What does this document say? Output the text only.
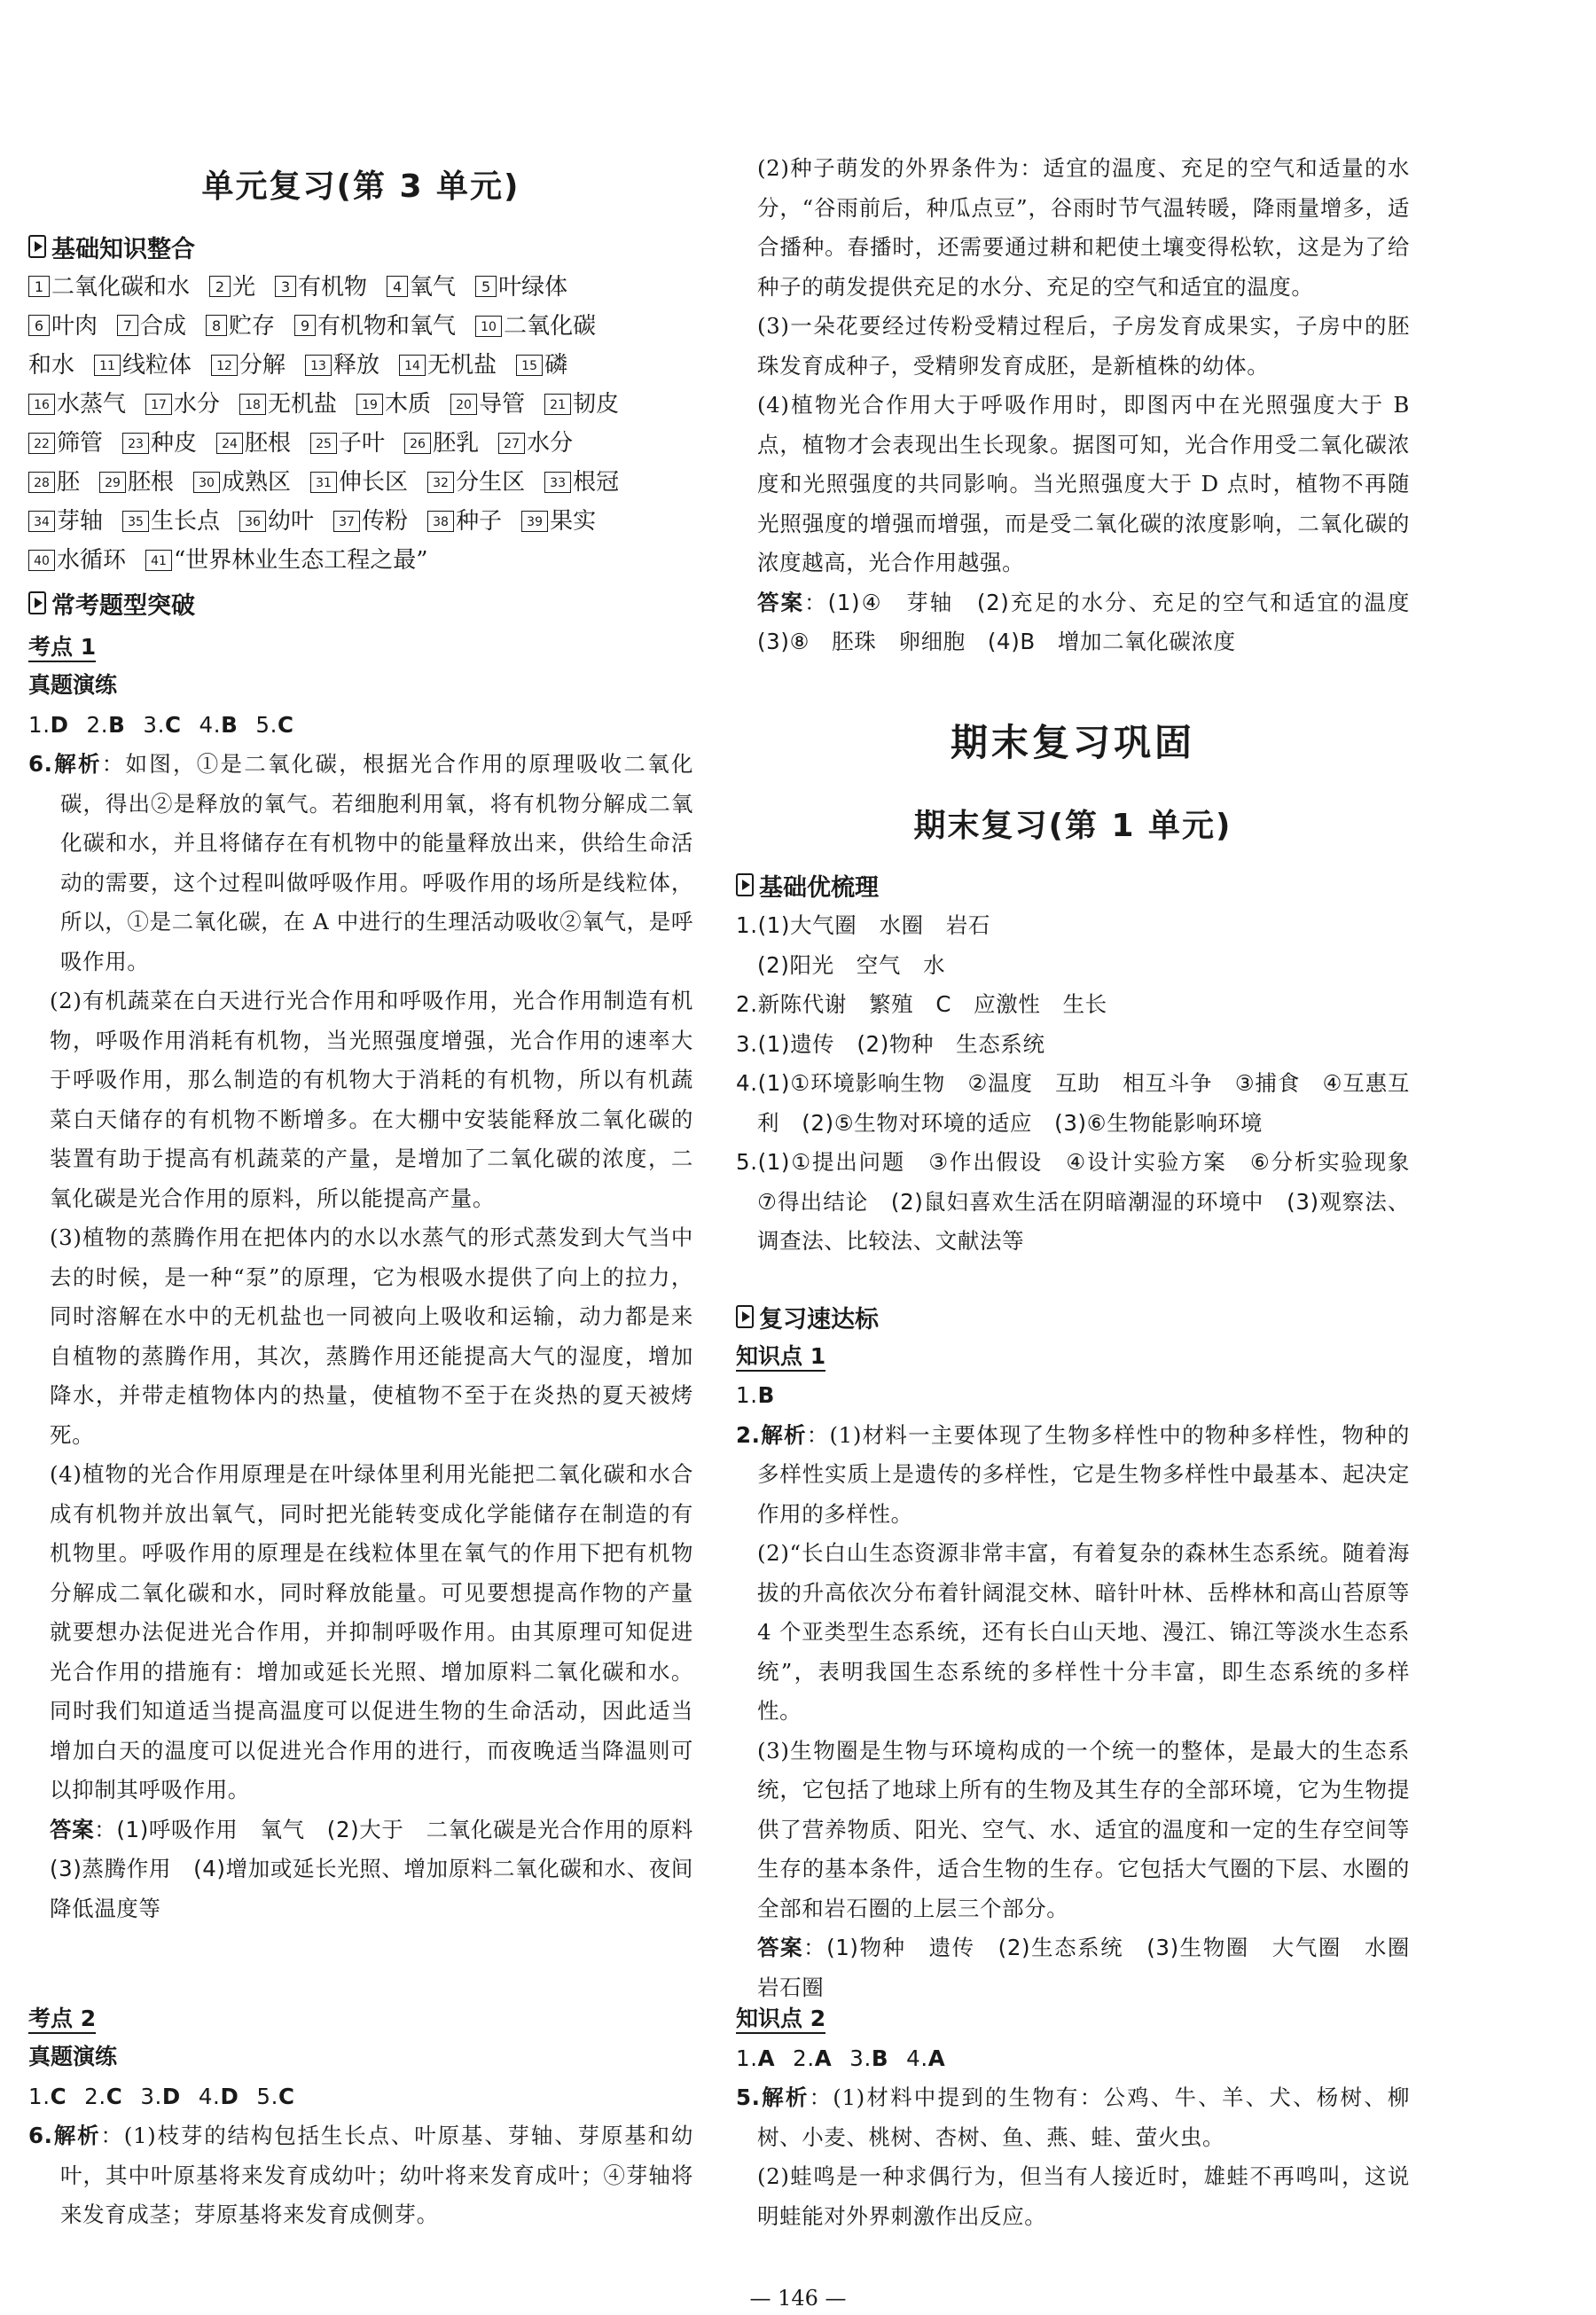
单元复习(第 3 单元)
基础知识整合
1 二氧化碳和水 2 光 3 有机物 4 氧气 5 叶绿体
6 叶肉 7 合成 8 贮存 9 有机物和氧气 10 二氧化碳
和水 11 线粒体 12 分解 13 释放 14 无机盐 15 磷
16 水蒸气 17 水分 18 无机盐 19 木质 20 导管 21 韧皮
22 筛管 23 种皮 24 胚根 25 子叶 26 胚乳 27 水分
28 胚 29 胚根 30 成熟区 31 伸长区 32 分生区 33 根冠
34 芽轴 35 生长点 36 幼叶 37 传粉 38 种子 39 果实
40 水循环 41 “世界林业生态工程之最”
常考题型突破
考点 1
真题演练
1.D 2.B 3.C 4.B 5.C
6.解析：如图，①是二氧化碳，根据光合作用的原理吸收二氧化碳，得出②是释放的氧气。若细胞利用氧，将有机物分解成二氧化碳和水，并且将储存在有机物中的能量释放出来，供给生命活动的需要，这个过程叫做呼吸作用。呼吸作用的场所是线粒体，所以，①是二氧化碳，在 A 中进行的生理活动吸收②氧气，是呼吸作用。
(2)有机蔬菜在白天进行光合作用和呼吸作用，光合作用制造有机物，呼吸作用消耗有机物，当光照强度增强，光合作用的速率大于呼吸作用，那么制造的有机物大于消耗的有机物，所以有机蔬菜白天储存的有机物不断增多。在大棚中安装能释放二氧化碳的装置有助于提高有机蔬菜的产量，是增加了二氧化碳的浓度，二氧化碳是光合作用的原料，所以能提高产量。
(3)植物的蒸腾作用在把体内的水以水蒸气的形式蒸发到大气当中去的时候，是一种“泵”的原理，它为根吸水提供了向上的拉力，同时溶解在水中的无机盐也一同被向上吸收和运输，动力都是来自植物的蒸腾作用，其次，蒸腾作用还能提高大气的湿度，增加降水，并带走植物体内的热量，使植物不至于在炎热的夏天被烤死。
(4)植物的光合作用原理是在叶绿体里利用光能把二氧化碳和水合成有机物并放出氧气，同时把光能转变成化学能储存在制造的有机物里。呼吸作用的原理是在线粒体里在氧气的作用下把有机物分解成二氧化碳和水，同时释放能量。可见要想提高作物的产量就要想办法促进光合作用，并抑制呼吸作用。由其原理可知促进光合作用的措施有：增加或延长光照、增加原料二氧化碳和水。同时我们知道适当提高温度可以促进生物的生命活动，因此适当增加白天的温度可以促进光合作用的进行，而夜晚适当降温则可以抑制其呼吸作用。
答案：(1)呼吸作用　氧气　(2)大于　二氧化碳是光合作用的原料　(3)蒸腾作用　(4)增加或延长光照、增加原料二氧化碳和水、夜间降低温度等
考点 2
真题演练
1.C 2.C 3.D 4.D 5.C
6.解析：(1)枝芽的结构包括生长点、叶原基、芽轴、芽原基和幼叶，其中叶原基将来发育成幼叶；幼叶将来发育成叶；④芽轴将来发育成茎；芽原基将来发育成侧芽。
(2)种子萌发的外界条件为：适宜的温度、充足的空气和适量的水分，“谷雨前后，种瓜点豆”，谷雨时节气温转暖，降雨量增多，适合播种。春播时，还需要通过耕和耙使土壤变得松软，这是为了给种子的萌发提供充足的水分、充足的空气和适宜的温度。
(3)一朵花要经过传粉受精过程后，子房发育成果实，子房中的胚珠发育成种子，受精卵发育成胚，是新植株的幼体。
(4)植物光合作用大于呼吸作用时，即图丙中在光照强度大于 B 点，植物才会表现出生长现象。据图可知，光合作用受二氧化碳浓度和光照强度的共同影响。当光照强度大于 D 点时，植物不再随光照强度的增强而增强，而是受二氧化碳的浓度影响，二氧化碳的浓度越高，光合作用越强。
答案：(1)④　芽轴　(2)充足的水分、充足的空气和适宜的温度　(3)⑧　胚珠　卵细胞　(4)B　增加二氧化碳浓度
期末复习巩固
期末复习(第 1 单元)
基础优梳理
1.(1)大气圈　水圈　岩石
(2)阳光　空气　水
2.新陈代谢　繁殖　C　应激性　生长
3.(1)遗传　(2)物种　生态系统
4.(1)①环境影响生物　②温度　互助　相互斗争　③捕食　④互惠互利　(2)⑤生物对环境的适应　(3)⑥生物能影响环境
5.(1)①提出问题　③作出假设　④设计实验方案　⑥分析实验现象　⑦得出结论　(2)鼠妇喜欢生活在阴暗潮湿的环境中　(3)观察法、调查法、比较法、文献法等
复习速达标
知识点 1
1.B
2.解析：(1)材料一主要体现了生物多样性中的物种多样性，物种的多样性实质上是遗传的多样性，它是生物多样性中最基本、起决定作用的多样性。
(2)“长白山生态资源非常丰富，有着复杂的森林生态系统。随着海拔的升高依次分布着针阔混交林、暗针叶林、岳桦林和高山苔原等 4 个亚类型生态系统，还有长白山天地、漫江、锦江等淡水生态系统”，表明我国生态系统的多样性十分丰富，即生态系统的多样性。
(3)生物圈是生物与环境构成的一个统一的整体，是最大的生态系统，它包括了地球上所有的生物及其生存的全部环境，它为生物提供了营养物质、阳光、空气、水、适宜的温度和一定的生存空间等生存的基本条件，适合生物的生存。它包括大气圈的下层、水圈的全部和岩石圈的上层三个部分。
答案：(1)物种　遗传　(2)生态系统　(3)生物圈　大气圈　水圈　岩石圈
知识点 2
1.A 2.A 3.B 4.A
5.解析：(1)材料中提到的生物有：公鸡、牛、羊、犬、杨树、柳树、小麦、桃树、杏树、鱼、燕、蛙、萤火虫。
(2)蛙鸣是一种求偶行为，但当有人接近时，雄蛙不再鸣叫，这说明蛙能对外界刺激作出反应。
— 146 —
